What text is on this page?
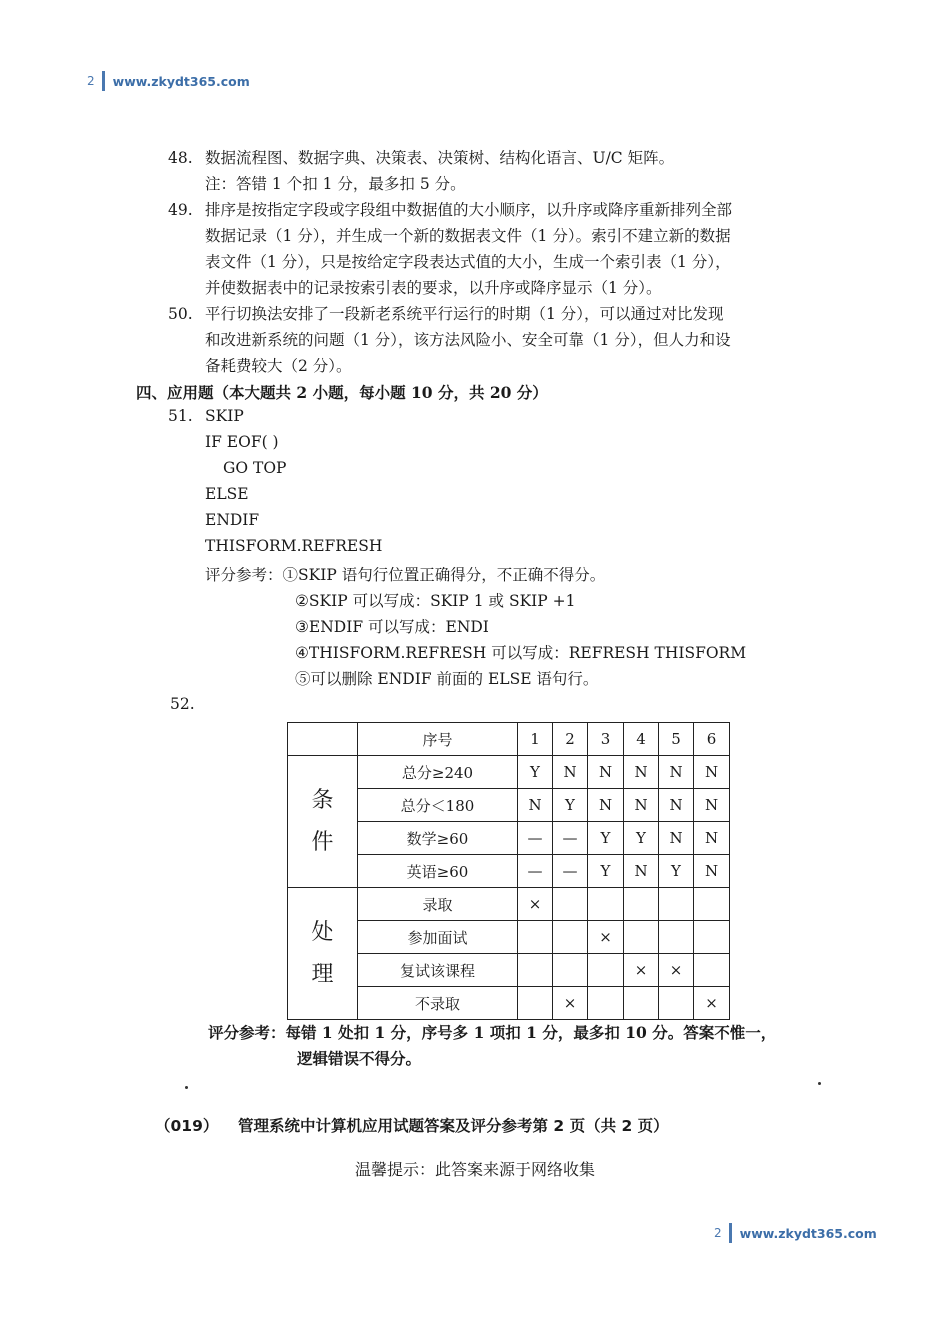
2 www.zkydt365.com
48. 数据流程图、数据字典、决策表、决策树、结构化语言、U/C 矩阵。
注：答错 1 个扣 1 分，最多扣 5 分。
49. 排序是按指定字段或字段组中数据值的大小顺序，以升序或降序重新排列全部
数据记录（1 分），并生成一个新的数据表文件（1 分）。索引不建立新的数据
表文件（1 分），只是按给定字段表达式值的大小，生成一个索引表（1 分），
并使数据表中的记录按索引表的要求，以升序或降序显示（1 分）。
50. 平行切换法安排了一段新老系统平行运行的时期（1 分），可以通过对比发现
和改进新系统的问题（1 分），该方法风险小、安全可靠（1 分），但人力和设
备耗费较大（2 分）。
四、应用题（本大题共 2 小题，每小题 10 分，共 20 分）
51. SKIP
IF EOF( )
GO TOP
ELSE
ENDIF
THISFORM.REFRESH
评分参考：①SKIP 语句行位置正确得分，不正确不得分。
②SKIP 可以写成：SKIP 1 或 SKIP +1
③ENDIF 可以写成：ENDI
④THISFORM.REFRESH 可以写成：REFRESH THISFORM
⑤可以删除 ENDIF 前面的 ELSE 语句行。
52.
	序号	1	2	3	4	5	6

条
件	总分≥240	Y	N	N	N	N	N
	总分＜180	N	Y	N	N	N	N
	数学≥60	—	—	Y	Y	N	N
	英语≥60	—	—	Y	N	Y	N

处
理	录取	×					
	参加面试			×			
	复试该课程				×	×	
	不录取		×				×
评分参考：每错 1 处扣 1 分，序号多 1 项扣 1 分，最多扣 10 分。答案不惟一，
逻辑错误不得分。
（019） 管理系统中计算机应用试题答案及评分参考第 2 页（共 2 页）
温馨提示：此答案来源于网络收集
2 www.zkydt365.com
